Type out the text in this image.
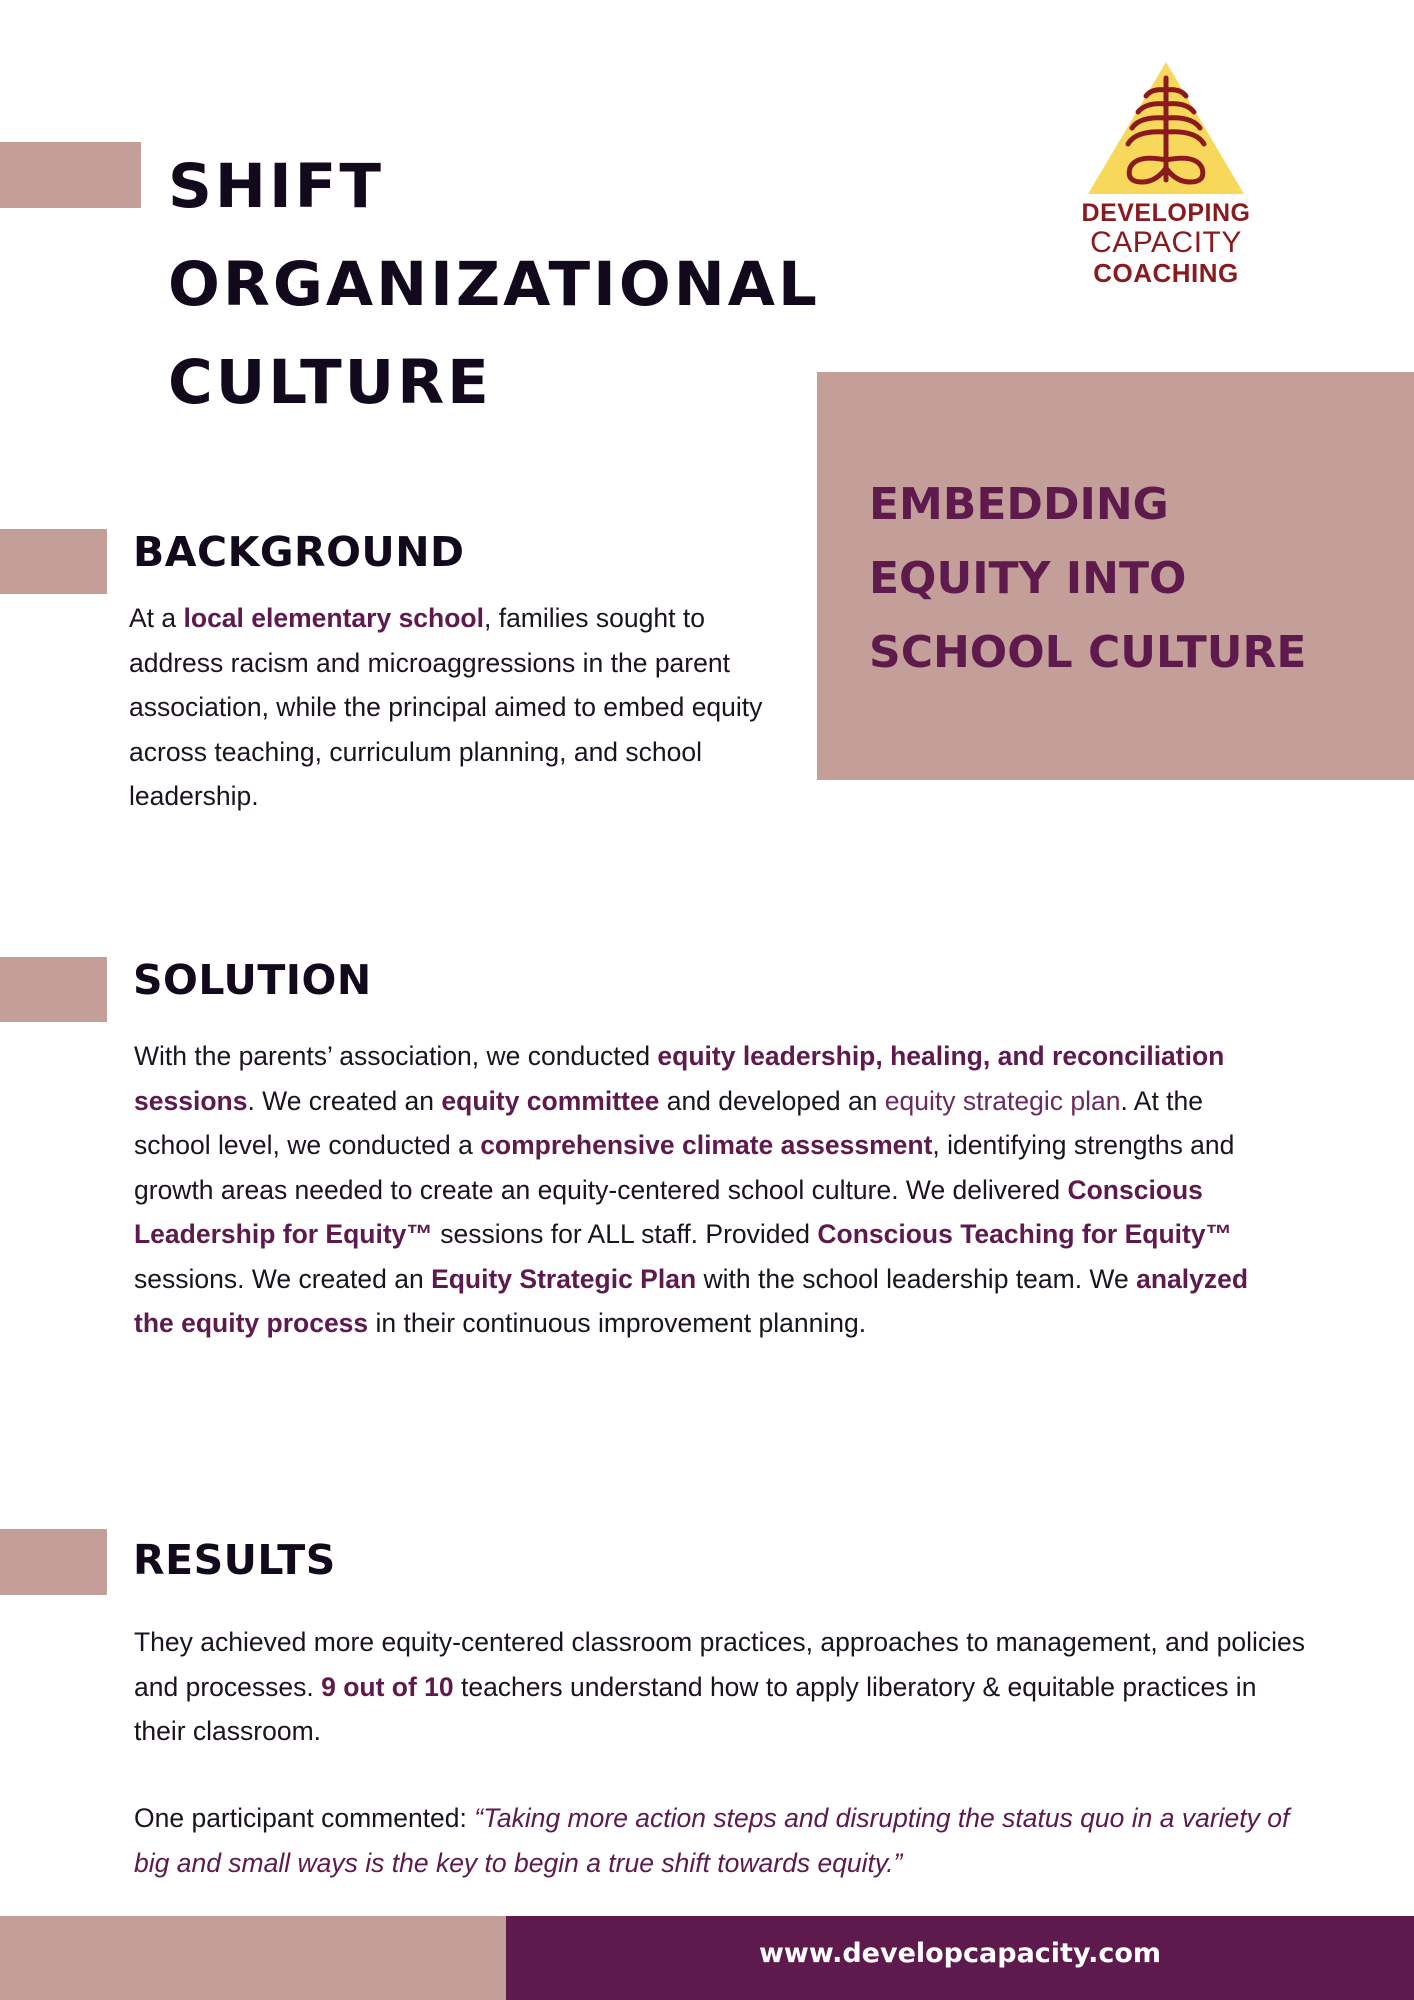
SHIFT
ORGANIZATIONAL
CULTURE
DEVELOPING
CAPACITY
COACHING
EMBEDDING
EQUITY INTO
SCHOOL CULTURE
BACKGROUND

At a local elementary school, families sought to address racism and microaggressions in the parent association, while the principal aimed to embed equity across teaching, curriculum planning, and school leadership.

SOLUTION

With the parents’ association, we conducted equity leadership, healing, and reconciliation sessions. We created an equity committee and developed an equity strategic plan. At the school level, we conducted a comprehensive climate assessment, identifying strengths and growth areas needed to create an equity-centered school culture. We delivered Conscious Leadership for Equity™ sessions for ALL staff. Provided Conscious Teaching for Equity™ sessions. We created an Equity Strategic Plan with the school leadership team. We analyzed the equity process in their continuous improvement planning.

RESULTS

They achieved more equity-centered classroom practices, approaches to management, and policies and processes. 9 out of 10 teachers understand how to apply liberatory & equitable practices in their classroom.

One participant commented: “Taking more action steps and disrupting the status quo in a variety of big and small ways is the key to begin a true shift towards equity.”

www.developcapacity.com
